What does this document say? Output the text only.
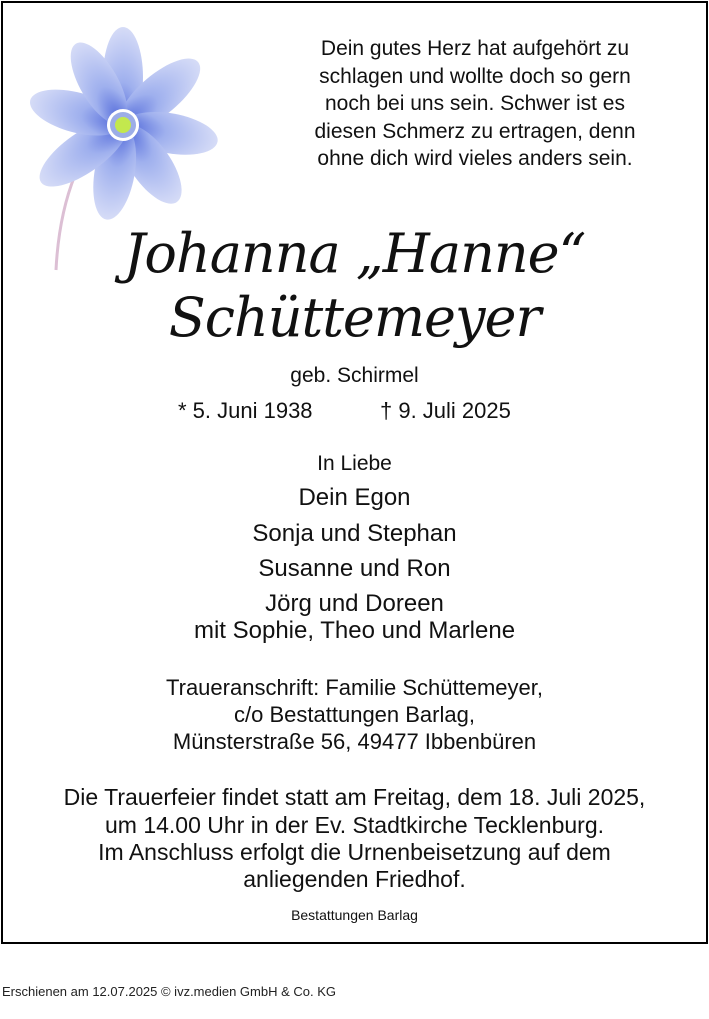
Dein gutes Herz hat aufgehört zu
schlagen und wollte doch so gern
noch bei uns sein. Schwer ist es
diesen Schmerz zu ertragen, denn
ohne dich wird vieles anders sein.
Johanna „Hanne“
Schüttemeyer
geb. Schirmel
* 5. Juni 1938	† 9. Juli 2025
In Liebe
Dein Egon
Sonja und Stephan
Susanne und Ron
Jörg und Doreen
mit Sophie, Theo und Marlene
Traueranschrift: Familie Schüttemeyer,
c/o Bestattungen Barlag,
Münsterstraße 56, 49477 Ibbenbüren
Die Trauerfeier findet statt am Freitag, dem 18. Juli 2025,
um 14.00 Uhr in der Ev. Stadtkirche Tecklenburg.
Im Anschluss erfolgt die Urnenbeisetzung auf dem
anliegenden Friedhof.
Bestattungen Barlag
Erschienen am 12.07.2025 © ivz.medien GmbH & Co. KG
